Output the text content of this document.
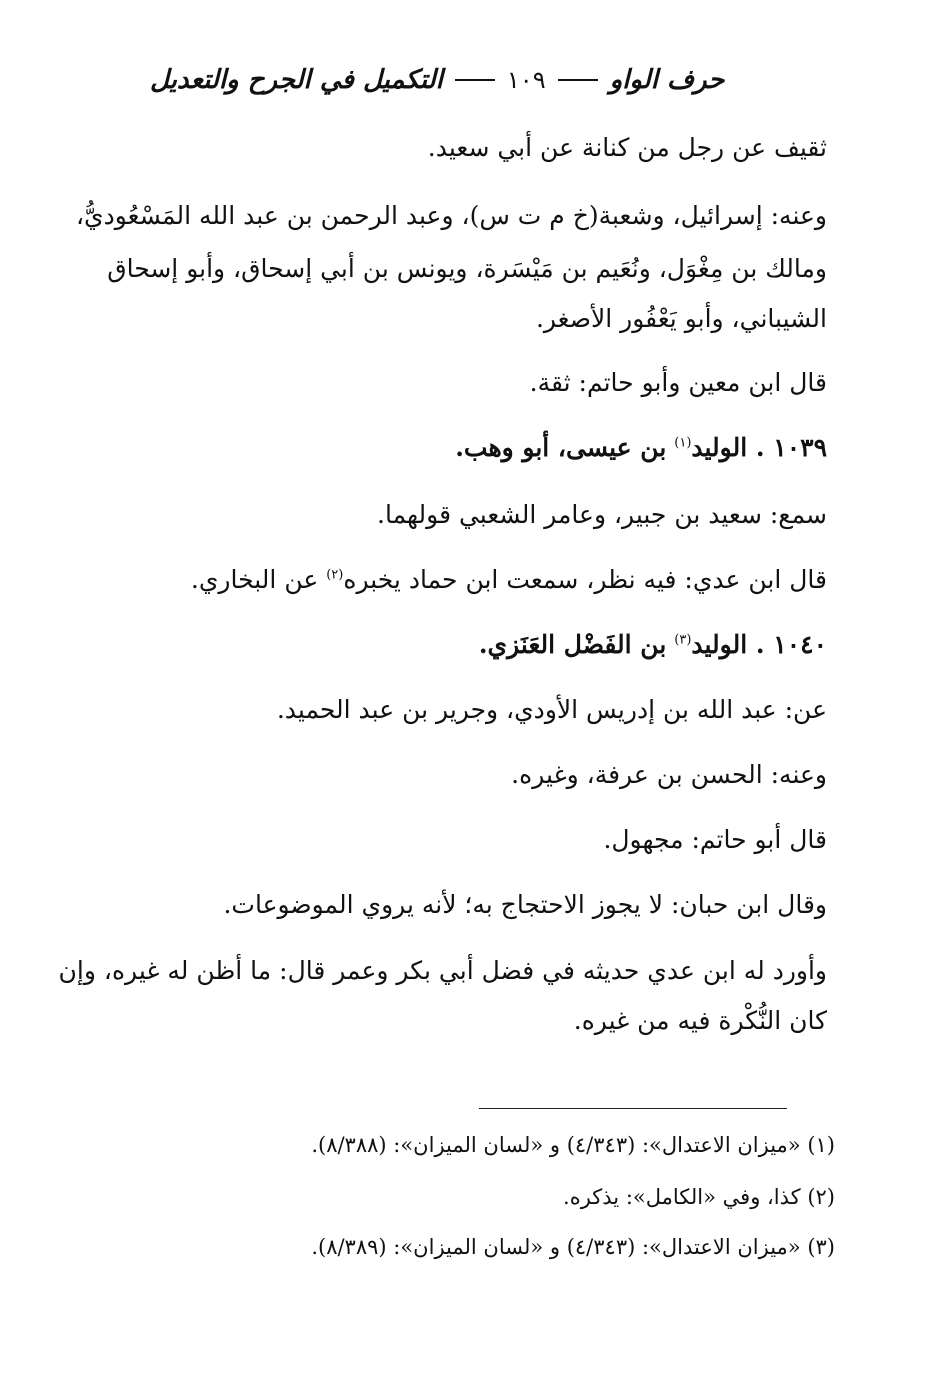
التكميل في الجرح والتعديل	١٠٩ حرف الواو
ثقيف عن رجل من كنانة عن أبي سعيد.
وعنه: إسرائيل، وشعبة(خ م ت س)، وعبد الرحمن بن عبد الله المَسْعُوديُّ،
ومالك بن مِغْوَل، ونُعَيم بن مَيْسَرة، ويونس بن أبي إسحاق، وأبو إسحاق
الشيباني، وأبو يَعْفُور الأصغر.
قال ابن معين وأبو حاتم: ثقة.
١٠٣٩ . الوليد$^{(١)}$ بن عيسى، أبو وهب.
سمع: سعيد بن جبير، وعامر الشعبي قولهما.
قال ابن عدي: فيه نظر، سمعت ابن حماد يخبره$^{(٢)}$ عن البخاري.
١٠٤٠ . الوليد$^{(٣)}$ بن الفَضْل العَنَزي.
عن: عبد الله بن إدريس الأودي، وجرير بن عبد الحميد.
وعنه: الحسن بن عرفة، وغيره.
قال أبو حاتم: مجهول.
وقال ابن حبان: لا يجوز الاحتجاج به؛ لأنه يروي الموضوعات.
وأورد له ابن عدي حديثه في فضل أبي بكر وعمر قال: ما أظن له غيره، وإن
كان النُّكْرة فيه من غيره.
(١) «ميزان الاعتدال»: (٤/٣٤٣) و «لسان الميزان»: (٨/٣٨٨).
(٢) كذا، وفي «الكامل»: يذكره.
(٣) «ميزان الاعتدال»: (٤/٣٤٣) و «لسان الميزان»: (٨/٣٨٩).
